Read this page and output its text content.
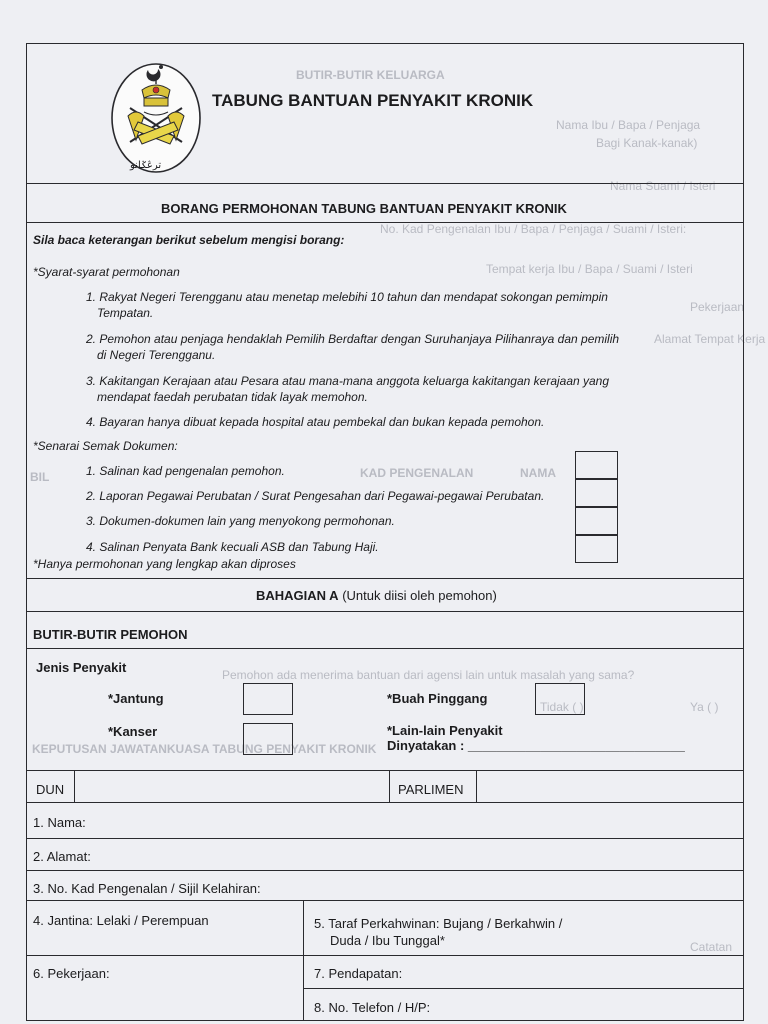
BUTIR-BUTIR KELUARGA
Nama Ibu / Bapa / Penjaga
Bagi Kanak-kanak)
Nama Suami / Isteri
No. Kad Pengenalan Ibu / Bapa / Penjaga / Suami / Isteri:
Tempat kerja Ibu / Bapa / Suami / Isteri
Pekerjaan
Alamat Tempat Kerja
BIL	NAMA
KAD PENGENALAN
Pemohon ada menerima bantuan dari agensi lain untuk masalah yang sama?
Ya ( )
Tidak ( )
KEPUTUSAN JAWATANKUASA TABUNG PENYAKIT KRONIK
Catatan
ترڠݢانو
TABUNG BANTUAN PENYAKIT KRONIK
BORANG PERMOHONAN TABUNG BANTUAN PENYAKIT KRONIK
Sila baca keterangan berikut sebelum mengisi borang:
*Syarat-syarat permohonan
1. Rakyat Negeri Terengganu atau menetap melebihi 10 tahun dan mendapat sokongan pemimpin
Tempatan.
2. Pemohon atau penjaga hendaklah Pemilih Berdaftar dengan Suruhanjaya Pilihanraya dan pemilih
di Negeri Terengganu.
3. Kakitangan Kerajaan atau Pesara atau mana-mana anggota keluarga kakitangan kerajaan yang
mendapat faedah perubatan tidak layak memohon.
4. Bayaran hanya dibuat kepada hospital atau pembekal dan bukan kepada pemohon.
*Senarai Semak Dokumen:
1. Salinan kad pengenalan pemohon.
2. Laporan Pegawai Perubatan / Surat Pengesahan dari Pegawai-pegawai Perubatan.
3. Dokumen-dokumen lain yang menyokong permohonan.
4. Salinan Penyata Bank kecuali ASB dan Tabung Haji.
*Hanya permohonan yang lengkap akan diproses
BAHAGIAN A (Untuk diisi oleh pemohon)
BUTIR-BUTIR PEMOHON
Jenis Penyakit
*Jantung
*Kanser
*Buah Pinggang
*Lain-lain Penyakit
Dinyatakan : ______________________________
DUN	PARLIMEN
1. Nama:
2. Alamat:
3. No. Kad Pengenalan / Sijil Kelahiran:
4. Jantina: Lelaki / Perempuan	5. Taraf Perkahwinan: Bujang / Berkahwin /
Duda / Ibu Tunggal*
6. Pekerjaan:	7. Pendapatan:
8. No. Telefon / H/P:
